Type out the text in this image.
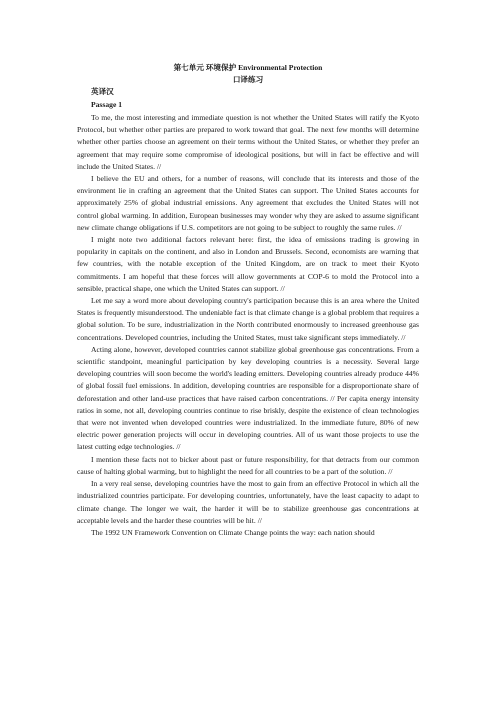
第七单元 环境保护 Environmental Protection
口译练习
英译汉
Passage 1

To me, the most interesting and immediate question is not whether the United States will ratify the Kyoto Protocol, but whether other parties are prepared to work toward that goal. The next few months will determine whether other parties choose an agreement on their terms without the United States, or whether they prefer an agreement that may require some compromise of ideological positions, but will in fact be effective and will include the United States. //

I believe the EU and others, for a number of reasons, will conclude that its interests and those of the environment lie in crafting an agreement that the United States can support. The United States accounts for approximately 25% of global industrial emissions. Any agreement that excludes the United States will not control global warming. In addition, European businesses may wonder why they are asked to assume significant new climate change obligations if U.S. competitors are not going to be subject to roughly the same rules. //

I might note two additional factors relevant here: first, the idea of emissions trading is growing in popularity in capitals on the continent, and also in London and Brussels. Second, economists are warning that few countries, with the notable exception of the United Kingdom, are on track to meet their Kyoto commitments. I am hopeful that these forces will allow governments at COP-6 to mold the Protocol into a sensible, practical shape, one which the United States can support. //

Let me say a word more about developing country's participation because this is an area where the United States is frequently misunderstood. The undeniable fact is that climate change is a global problem that requires a global solution. To be sure, industrialization in the North contributed enormously to increased greenhouse gas concentrations. Developed countries, including the United States, must take significant steps immediately. //

Acting alone, however, developed countries cannot stabilize global greenhouse gas concentrations. From a scientific standpoint, meaningful participation by key developing countries is a necessity. Several large developing countries will soon become the world's leading emitters. Developing countries already produce 44% of global fossil fuel emissions. In addition, developing countries are responsible for a disproportionate share of deforestation and other land-use practices that have raised carbon concentrations. // Per capita energy intensity ratios in some, not all, developing countries continue to rise briskly, despite the existence of clean technologies that were not invented when developed countries were industrialized. In the immediate future, 80% of new electric power generation projects will occur in developing countries. All of us want those projects to use the latest cutting edge technologies. //

I mention these facts not to bicker about past or future responsibility, for that detracts from our common cause of halting global warming, but to highlight the need for all countries to be a part of the solution. //

In a very real sense, developing countries have the most to gain from an effective Protocol in which all the industrialized countries participate. For developing countries, unfortunately, have the least capacity to adapt to climate change. The longer we wait, the harder it will be to stabilize greenhouse gas concentrations at acceptable levels and the harder these countries will be hit. //

The 1992 UN Framework Convention on Climate Change points the way: each nation should
